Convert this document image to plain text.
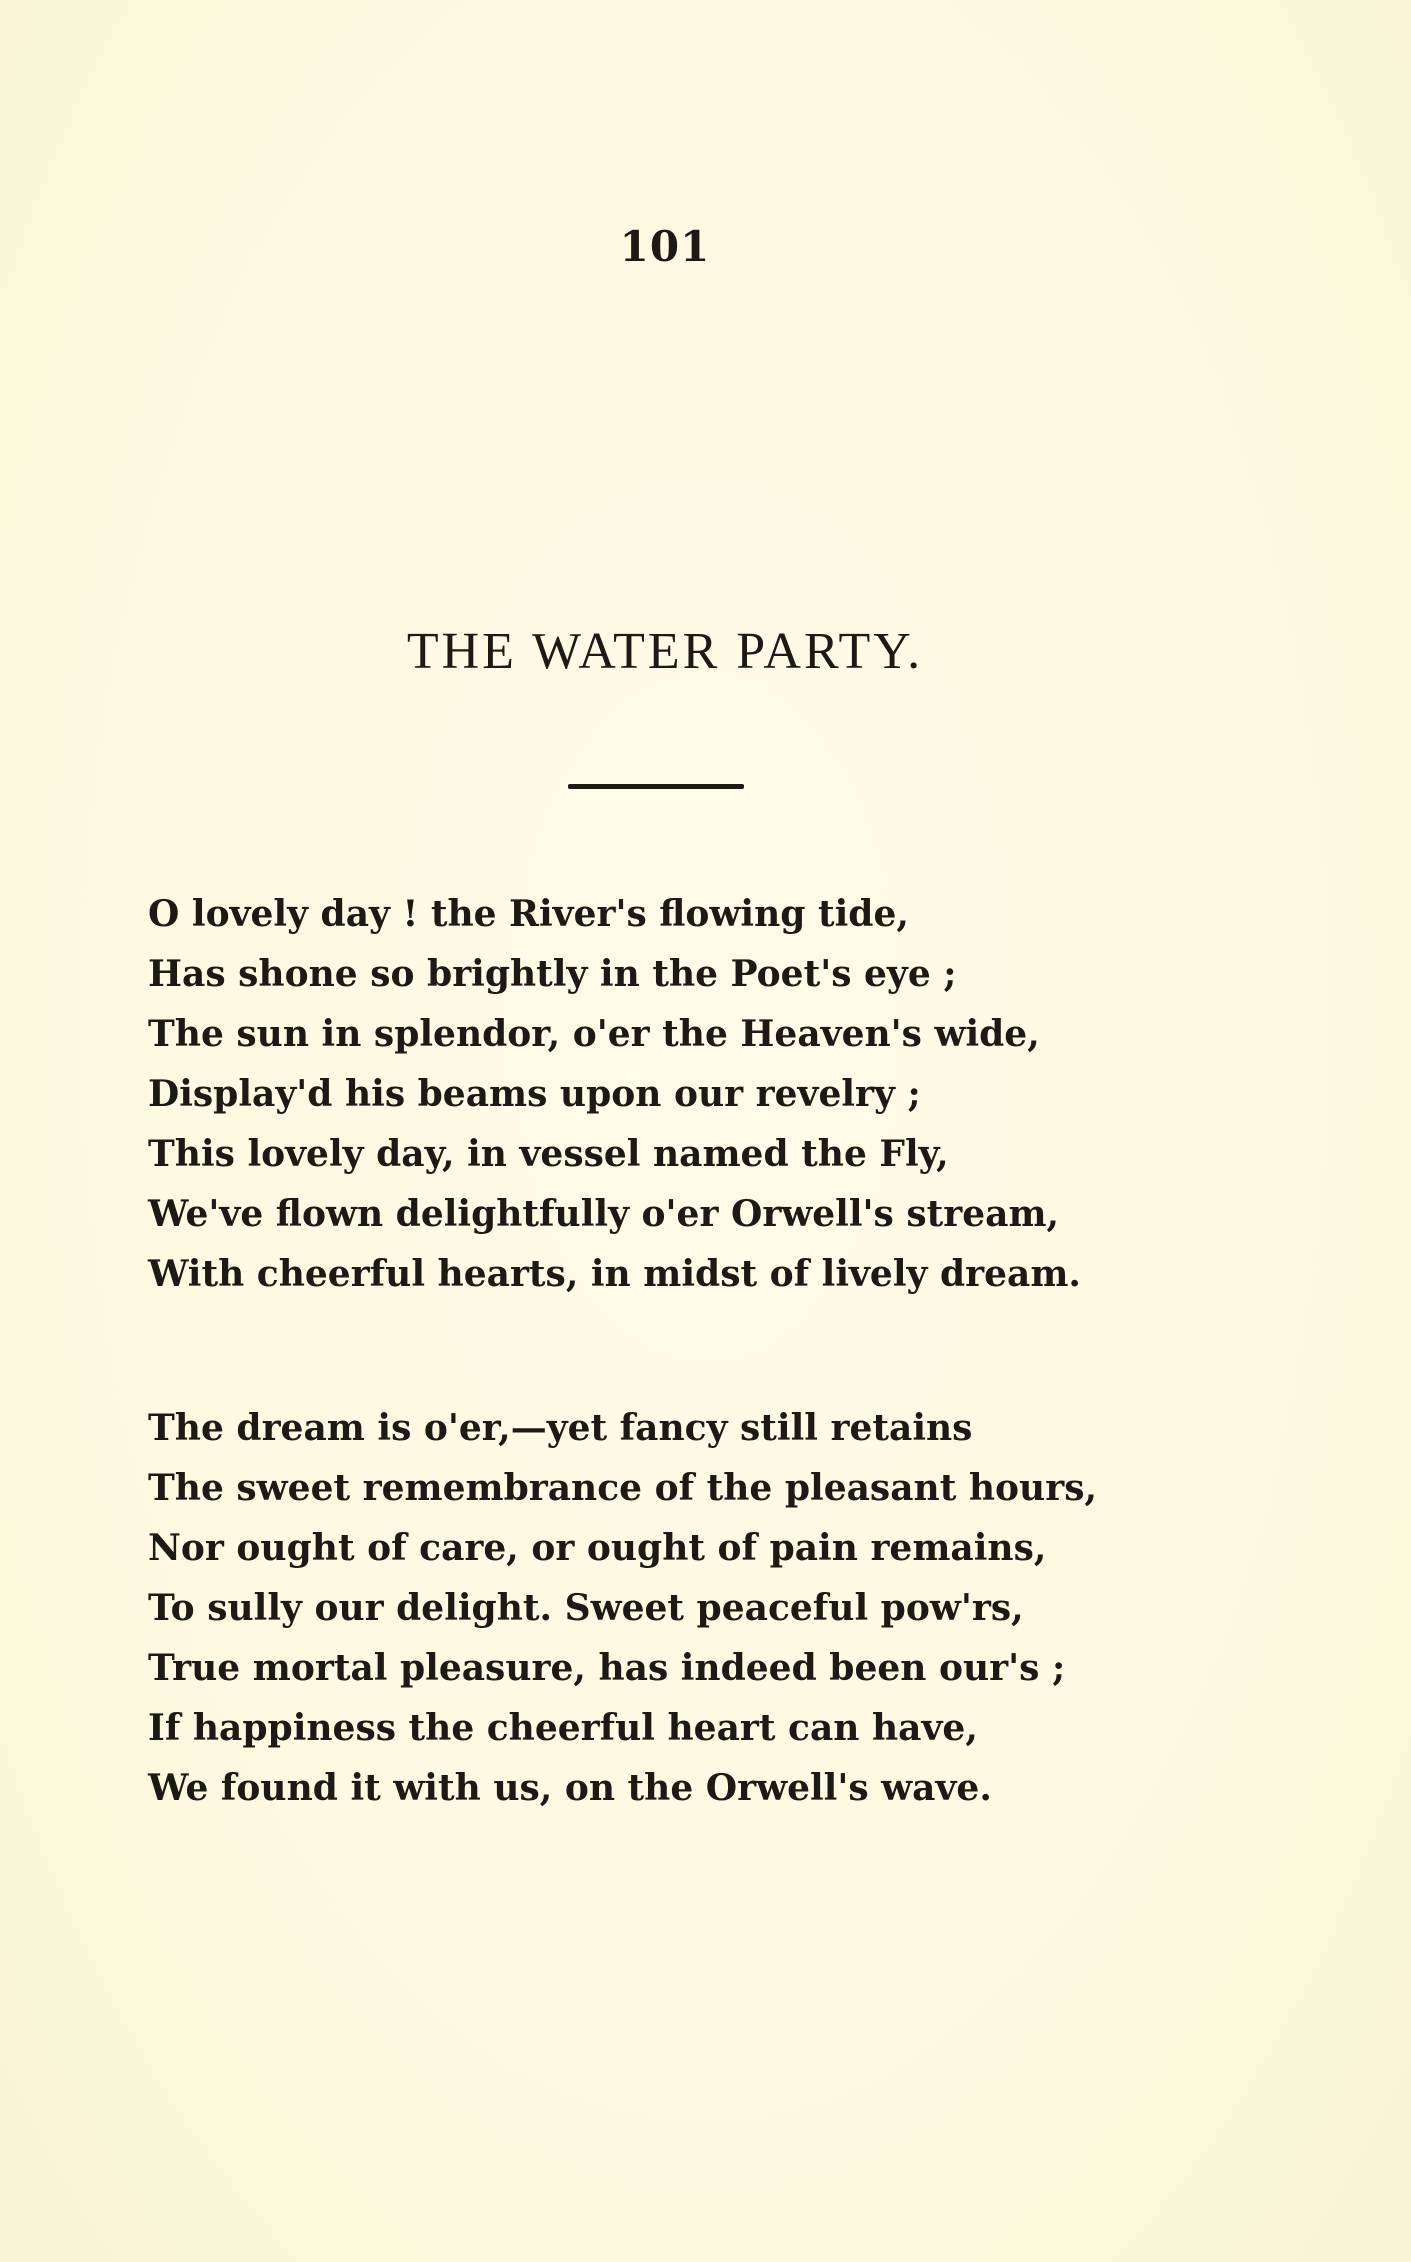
101
THE WATER PARTY.
O lovely day ! the River's flowing tide,
Has shone so brightly in the Poet's eye ;
The sun in splendor, o'er the Heaven's wide,
Display'd his beams upon our revelry ;
This lovely day, in vessel named the Fly,
We've flown delightfully o'er Orwell's stream,
With cheerful hearts, in midst of lively dream.
The dream is o'er,—yet fancy still retains
The sweet remembrance of the pleasant hours,
Nor ought of care, or ought of pain remains,
To sully our delight. Sweet peaceful pow'rs,
True mortal pleasure, has indeed been our's ;
If happiness the cheerful heart can have,
We found it with us, on the Orwell's wave.
